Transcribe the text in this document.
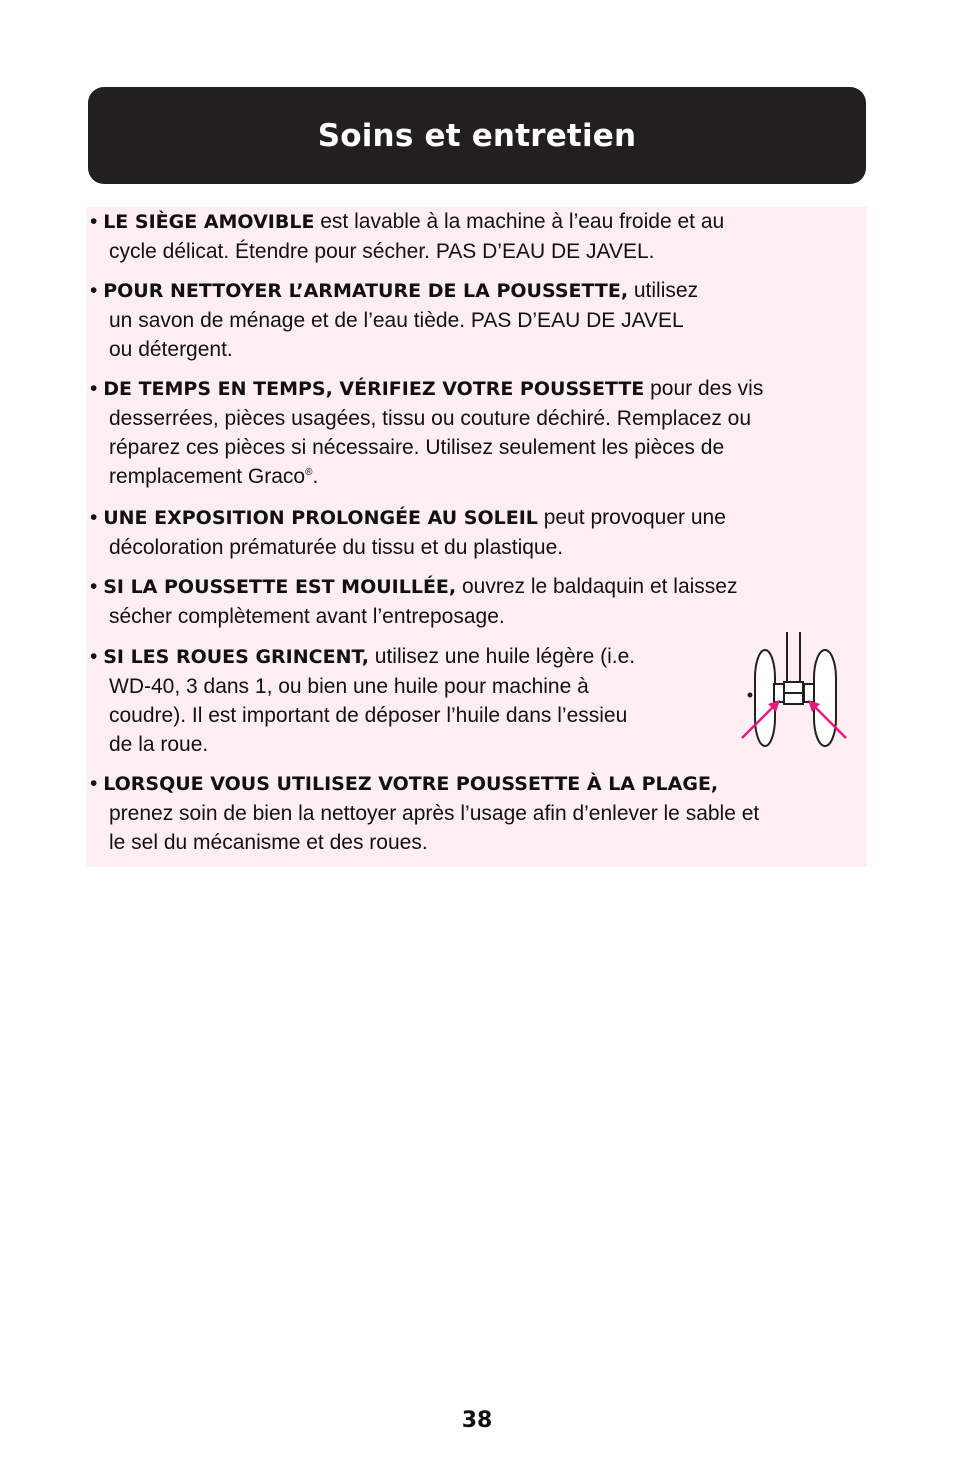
Soins et entretien
• LE SIÈGE AMOVIBLE est lavable à la machine à l’eau froide et au
cycle délicat. Étendre pour sécher. PAS D’EAU DE JAVEL.
• POUR NETTOYER L’ARMATURE DE LA POUSSETTE, utilisez
un savon de ménage et de l’eau tiède. PAS D’EAU DE JAVEL
ou détergent.
• DE TEMPS EN TEMPS, VÉRIFIEZ VOTRE POUSSETTE pour des vis
desserrées, pièces usagées, tissu ou couture déchiré. Remplacez ou
réparez ces pièces si nécessaire. Utilisez seulement les pièces de
remplacement Graco®.
• UNE EXPOSITION PROLONGÉE AU SOLEIL peut provoquer une
décoloration prématurée du tissu et du plastique.
• SI LA POUSSETTE EST MOUILLÉE, ouvrez le baldaquin et laissez
sécher complètement avant l’entreposage.
• SI LES ROUES GRINCENT, utilisez une huile légère (i.e.
WD-40, 3 dans 1, ou bien une huile pour machine à
coudre). Il est important de déposer l’huile dans l’essieu
de la roue.
• LORSQUE VOUS UTILISEZ VOTRE POUSSETTE À LA PLAGE,
prenez soin de bien la nettoyer après l’usage afin d’enlever le sable et
le sel du mécanisme et des roues.
38
